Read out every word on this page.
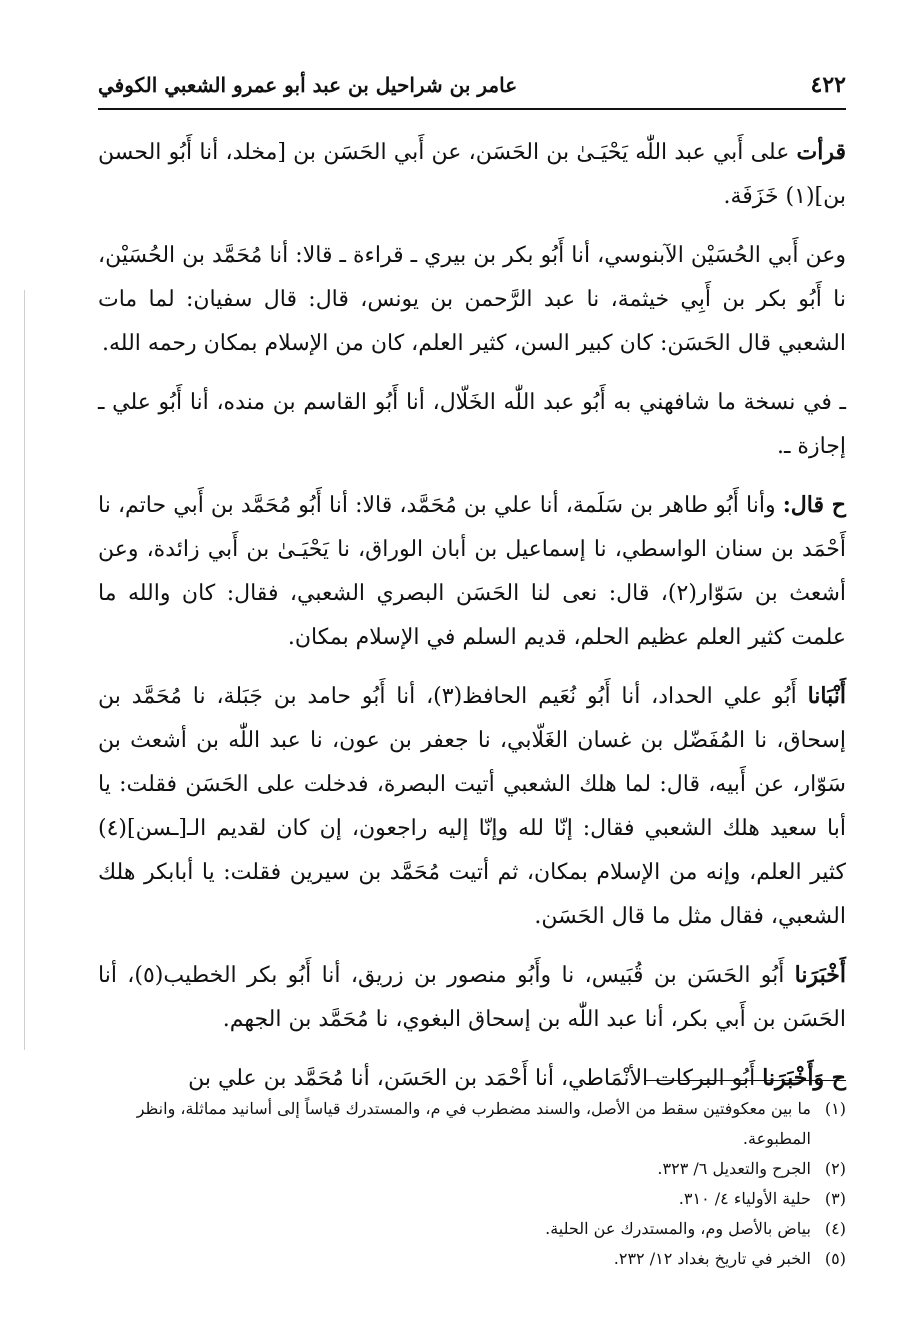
٤٢٢
عامر بن شراحيل بن عبد أبو عمرو الشعبي الكوفي

قرأت على أَبي عبد اللّٰه يَحْيَـىٰ بن الحَسَن، عن أَبي الحَسَن بن [مخلد، أنا أَبُو الحسن بن](١) خَزَفَة.

وعن أَبي الحُسَيْن الآبنوسي، أنا أَبُو بكر بن بيري ـ قراءة ـ قالا: أنا مُحَمَّد بن الحُسَيْن، نا أَبُو بكر بن أَبِي خيثمة، نا عبد الرَّحمن بن يونس، قال: قال سفيان: لما مات الشعبي قال الحَسَن: كان كبير السن، كثير العلم، كان من الإسلام بمكان رحمه الله.

ـ في نسخة ما شافهني به أَبُو عبد اللّٰه الخَلّال، أنا أَبُو القاسم بن منده، أنا أَبُو علي ـ إجازة ـ.

ح قال: وأنا أَبُو طاهر بن سَلَمة، أنا علي بن مُحَمَّد، قالا: أنا أَبُو مُحَمَّد بن أَبي حاتم، نا أَحْمَد بن سنان الواسطي، نا إسماعيل بن أبان الوراق، نا يَحْيَـىٰ بن أَبي زائدة، وعن أشعث بن سَوّار(٢)، قال: نعى لنا الحَسَن البصري الشعبي، فقال: كان والله ما علمت كثير العلم عظيم الحلم، قديم السلم في الإسلام بمكان.

أَنْبَانا أَبُو علي الحداد، أنا أَبُو نُعَيم الحافظ(٣)، أنا أَبُو حامد بن جَبَلة، نا مُحَمَّد بن إسحاق، نا المُفَضّل بن غسان الغَلّابي، نا جعفر بن عون، نا عبد اللّٰه بن أشعث بن سَوّار، عن أَبيه، قال: لما هلك الشعبي أتيت البصرة، فدخلت على الحَسَن فقلت: يا أبا سعيد هلك الشعبي فقال: إنّا لله وإنّا إليه راجعون، إن كان لقديم الـ[ـسن](٤) كثير العلم، وإنه من الإسلام بمكان، ثم أتيت مُحَمَّد بن سيرين فقلت: يا أبابكر هلك الشعبي، فقال مثل ما قال الحَسَن.

أَخْبَرَنا أَبُو الحَسَن بن قُبَيس، نا وأَبُو منصور بن زريق، أنا أَبُو بكر الخطيب(٥)، أنا الحَسَن بن أَبي بكر، أنا عبد اللّٰه بن إسحاق البغوي، نا مُحَمَّد بن الجهم.

ح وَأَخْبَرَنا أَبُو البركات الأنْمَاطي، أنا أَحْمَد بن الحَسَن، أنا مُحَمَّد بن علي بن

(١)
ما بين معكوفتين سقط من الأصل، والسند مضطرب في م، والمستدرك قياساً إلى أسانيد مماثلة، وانظر المطبوعة.
(٢)
الجرح والتعديل ٦/ ٣٢٣.
(٣)
حلية الأولياء ٤/ ٣١٠.
(٤)
بياض بالأصل وم، والمستدرك عن الحلية.
(٥)
الخبر في تاريخ بغداد ١٢/ ٢٣٢.
